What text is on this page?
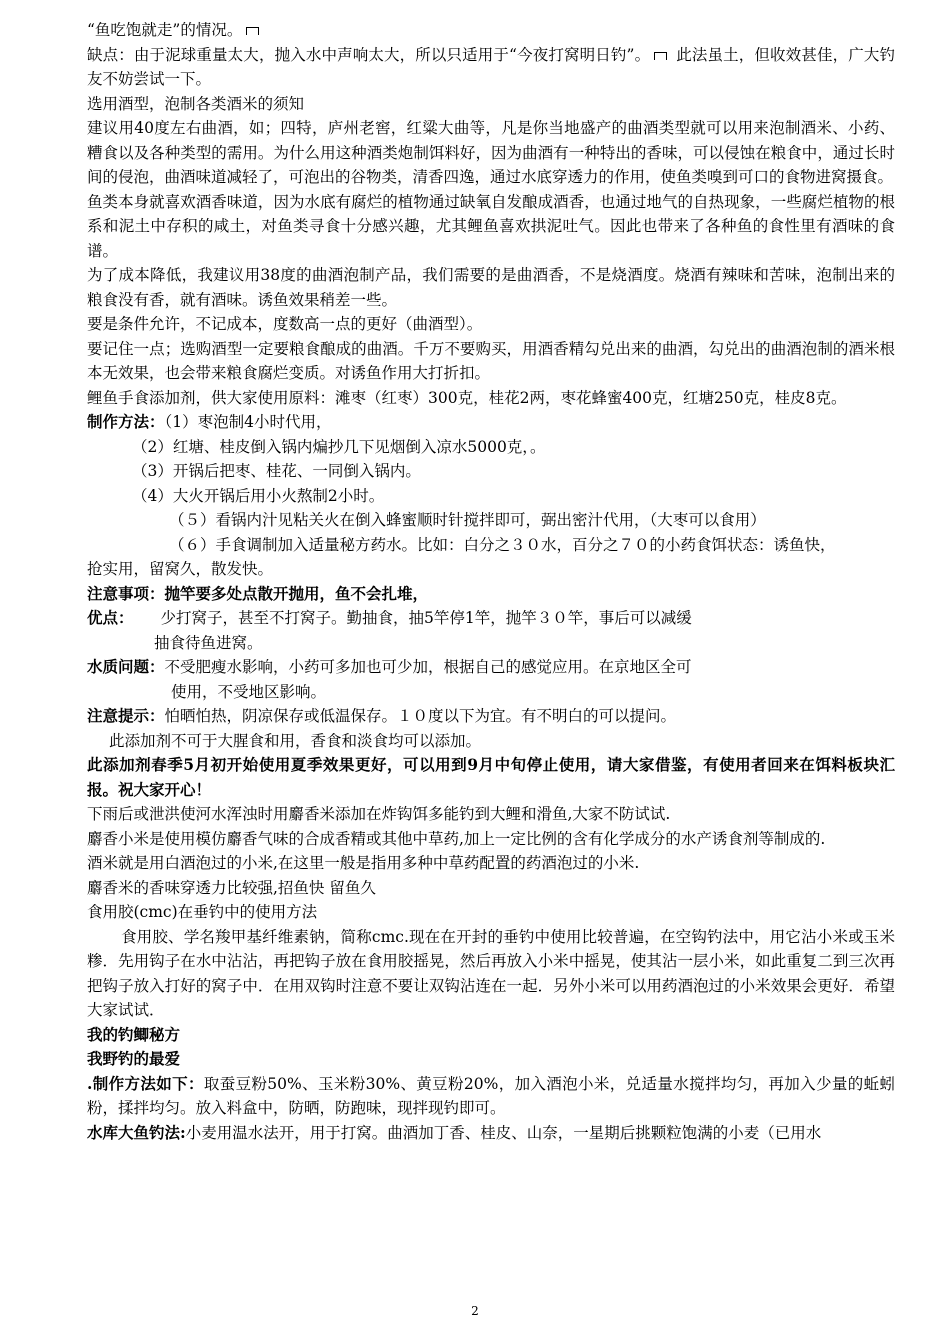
“鱼吃饱就走”的情况。

缺点：由于泥球重量太大，抛入水中声响太大，所以只适用于“今夜打窝明日钓”。 此法虽土，但收效甚佳，广大钓友不妨尝试一下。

选用酒型，泡制各类酒米的须知

建议用40度左右曲酒，如；四特，庐州老窖，红粱大曲等，凡是你当地盛产的曲酒类型就可以用来泡制酒米、小药、糟食以及各种类型的需用。为什么用这种酒类炮制饵料好，因为曲酒有一种特出的香味，可以侵蚀在粮食中，通过长时间的侵泡，曲酒味道减轻了，可泡出的谷物类，清香四逸，通过水底穿透力的作用，使鱼类嗅到可口的食物进窝摄食。

鱼类本身就喜欢酒香味道，因为水底有腐烂的植物通过缺氧自发酿成酒香，也通过地气的自热现象，一些腐烂植物的根系和泥土中存积的咸土，对鱼类寻食十分感兴趣，尤其鲤鱼喜欢拱泥吐气。因此也带来了各种鱼的食性里有酒味的食谱。

为了成本降低，我建议用38度的曲酒泡制产品，我们需要的是曲酒香，不是烧酒度。烧酒有辣味和苦味，泡制出来的粮食没有香，就有酒味。诱鱼效果稍差一些。

要是条件允许，不记成本，度数高一点的更好（曲酒型）。

要记住一点；选购酒型一定要粮食酿成的曲酒。千万不要购买，用酒香精勾兑出来的曲酒，勾兑出的曲酒泡制的酒米根本无效果，也会带来粮食腐烂变质。对诱鱼作用大打折扣。

鲤鱼手食添加剂，供大家使用原料：滩枣（红枣）300克，桂花2两，枣花蜂蜜400克，红塘250克，桂皮8克。

制作方法：（1）枣泡制4小时代用，

（2）红塘、桂皮倒入锅内煸抄几下见烟倒入凉水5000克，。

（3）开锅后把枣、桂花、一同倒入锅内。

（4）大火开锅后用小火熬制2小时。

（５）看锅内汁见粘关火在倒入蜂蜜顺时针搅拌即可，弼出密汁代用，（大枣可以食用）

（６）手食调制加入适量秘方药水。比如：白分之３０水，百分之７０的小药食饵状态：诱鱼快，
抢实用，留窝久，散发快。

注意事项：抛竿要多处点散开抛用，鱼不会扎堆，

优点： 少打窝子，甚至不打窝子。勤抽食，抽5竿停1竿，抛竿３０竿，事后可以减缓

抽食待鱼进窝。

水质问题：不受肥瘦水影响，小药可多加也可少加，根据自己的感觉应用。在京地区全可

使用，不受地区影响。

注意提示：怕晒怕热，阴凉保存或低温保存。１０度以下为宜。有不明白的可以提问。

此添加剂不可于大腥食和用，香食和淡食均可以添加。

此添加剂春季5月初开始使用夏季效果更好，可以用到9月中旬停止使用，请大家借鉴，有使用者回来在饵料板块汇报。祝大家开心！

下雨后或泄洪使河水浑浊时用麝香米添加在炸钩饵多能钓到大鲤和滑鱼,大家不防试试.

麝香小米是使用模仿麝香气味的合成香精或其他中草药,加上一定比例的含有化学成分的水产诱食剂等制成的.

酒米就是用白酒泡过的小米,在这里一般是指用多种中草药配置的药酒泡过的小米.

麝香米的香味穿透力比较强,招鱼快 留鱼久

食用胶(cmc)在垂钓中的使用方法

食用胶、学名羧甲基纤维素钠，简称cmc.现在在开封的垂钓中使用比较普遍，在空钩钓法中，用它沾小米或玉米糁．先用钩子在水中沾沾，再把钩子放在食用胶摇晃，然后再放入小米中摇晃，使其沾一层小米，如此重复二到三次再把钩子放入打好的窝子中．在用双钩时注意不要让双钩沾连在一起．另外小米可以用药酒泡过的小米效果会更好．希望大家试试．

我的钓鲫秘方

我野钓的最爱

.制作方法如下：取蚕豆粉50%、玉米粉30%、黄豆粉20%，加入酒泡小米，兑适量水搅拌均匀，再加入少量的蚯蚓粉，揉拌均匀。放入料盒中，防晒，防跑味，现拌现钓即可。

水库大鱼钓法:小麦用温水法开，用于打窝。曲酒加丁香、桂皮、山奈，一星期后挑颗粒饱满的小麦（已用水

2
